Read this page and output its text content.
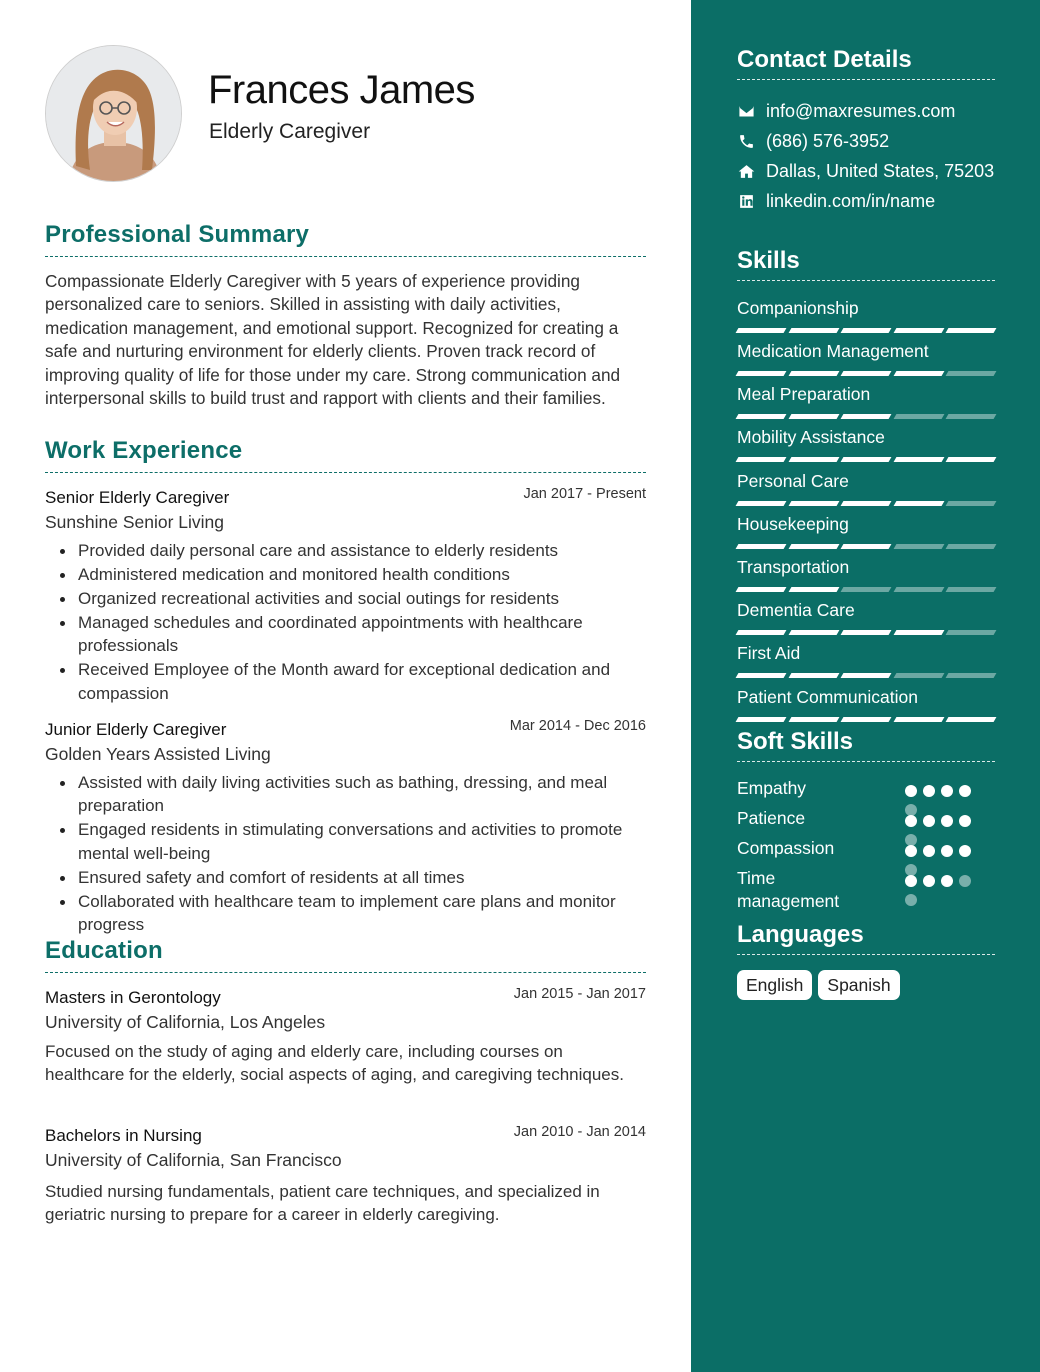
Frances James
Elderly Caregiver
Professional Summary
Compassionate Elderly Caregiver with 5 years of experience providing personalized care to seniors. Skilled in assisting with daily activities, medication management, and emotional support. Recognized for creating a safe and nurturing environment for elderly clients. Proven track record of improving quality of life for those under my care. Strong communication and interpersonal skills to build trust and rapport with clients and their families.
Work Experience
Senior Elderly Caregiver	Jan 2017 - Present
Sunshine Senior Living
Provided daily personal care and assistance to elderly residents
Administered medication and monitored health conditions
Organized recreational activities and social outings for residents
Managed schedules and coordinated appointments with healthcare professionals
Received Employee of the Month award for exceptional dedication and compassion
Junior Elderly Caregiver	Mar 2014 - Dec 2016
Golden Years Assisted Living
Assisted with daily living activities such as bathing, dressing, and meal preparation
Engaged residents in stimulating conversations and activities to promote mental well-being
Ensured safety and comfort of residents at all times
Collaborated with healthcare team to implement care plans and monitor progress
Education
Masters in Gerontology	Jan 2015 - Jan 2017
University of California, Los Angeles
Focused on the study of aging and elderly care, including courses on healthcare for the elderly, social aspects of aging, and caregiving techniques.
Bachelors in Nursing	Jan 2010 - Jan 2014
University of California, San Francisco
Studied nursing fundamentals, patient care techniques, and specialized in geriatric nursing to prepare for a career in elderly caregiving.
Contact Details
info@maxresumes.com
(686) 576-3952
Dallas, United States, 75203
linkedin.com/in/name
Skills
Companionship
Medication Management
Meal Preparation
Mobility Assistance
Personal Care
Housekeeping
Transportation
Dementia Care
First Aid
Patient Communication
Soft Skills
Empathy
Patience
Compassion
Time management
Languages
English	Spanish
